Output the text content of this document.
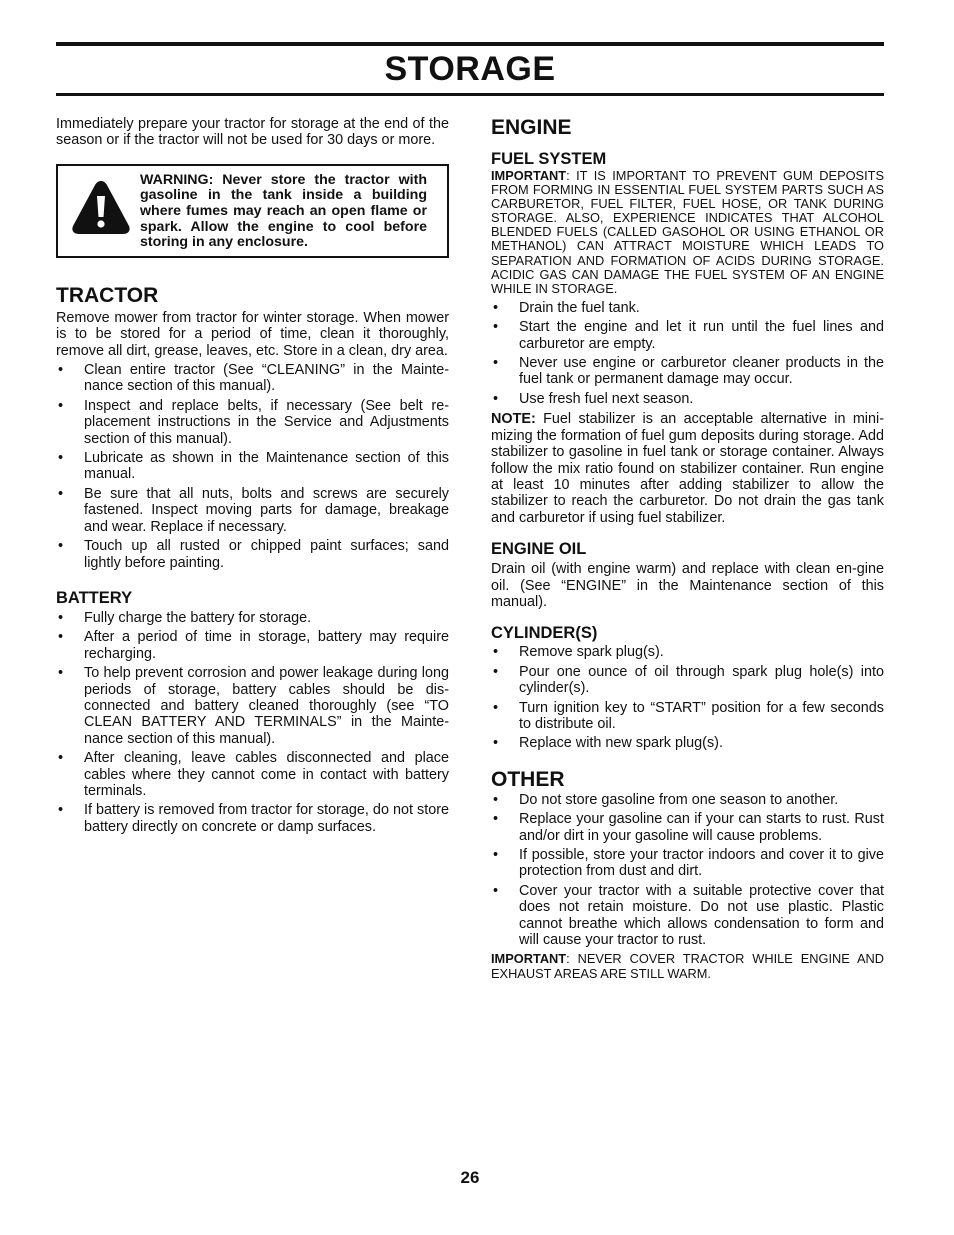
STORAGE

Immediately prepare your tractor for storage at the end of the season or if the tractor will not be used for 30 days or more.

WARNING: Never store the tractor with gasoline in the tank inside a building where fumes may reach an open flame or spark. Allow the engine to cool before storing in any enclosure.
TRACTOR

Remove mower from tractor for winter storage. When mower is to be stored for a period of time, clean it thoroughly, remove all dirt, grease, leaves, etc. Store in a clean, dry area.

• Clean entire tractor (See “CLEANING” in the Mainte-nance section of this manual).
• Inspect and replace belts, if necessary (See belt re-placement instructions in the Service and Adjustments section of this manual).
• Lubricate as shown in the Maintenance section of this manual.
• Be sure that all nuts, bolts and screws are securely fastened. Inspect moving parts for damage, breakage and wear. Replace if necessary.
• Touch up all rusted or chipped paint surfaces; sand lightly before painting.
BATTERY
• Fully charge the battery for storage.
• After a period of time in storage, battery may require recharging.
• To help prevent corrosion and power leakage during long periods of storage, battery cables should be dis-connected and battery cleaned thoroughly (see “TO CLEAN BATTERY AND TERMINALS” in the Mainte-nance section of this manual).
• After cleaning, leave cables disconnected and place cables where they cannot come in contact with battery terminals.
• If battery is removed from tractor for storage, do not store battery directly on concrete or damp surfaces.
ENGINE
FUEL SYSTEM

IMPORTANT: IT IS IMPORTANT TO PREVENT GUM DEPOSITS FROM FORMING IN ESSENTIAL FUEL SYSTEM PARTS SUCH AS CARBURETOR, FUEL FILTER, FUEL HOSE, OR TANK DURING STORAGE. ALSO, EXPERIENCE INDICATES THAT ALCOHOL BLENDED FUELS (CALLED GASOHOL OR USING ETHANOL OR METHANOL) CAN ATTRACT MOISTURE WHICH LEADS TO SEPARATION AND FORMATION OF ACIDS DURING STORAGE. ACIDIC GAS CAN DAMAGE THE FUEL SYSTEM OF AN ENGINE WHILE IN STORAGE.

• Drain the fuel tank.
• Start the engine and let it run until the fuel lines and carburetor are empty.
• Never use engine or carburetor cleaner products in the fuel tank or permanent damage may occur.
• Use fresh fuel next season.

NOTE: Fuel stabilizer is an acceptable alternative in mini-mizing the formation of fuel gum deposits during storage. Add stabilizer to gasoline in fuel tank or storage container. Always follow the mix ratio found on stabilizer container. Run engine at least 10 minutes after adding stabilizer to allow the stabilizer to reach the carburetor. Do not drain the gas tank and carburetor if using fuel stabilizer.

ENGINE OIL

Drain oil (with engine warm) and replace with clean en-gine oil. (See “ENGINE” in the Maintenance section of this manual).

CYLINDER(S)
• Remove spark plug(s).
• Pour one ounce of oil through spark plug hole(s) into cylinder(s).
• Turn ignition key to “START” position for a few seconds to distribute oil.
• Replace with new spark plug(s).
OTHER
• Do not store gasoline from one season to another.
• Replace your gasoline can if your can starts to rust. Rust and/or dirt in your gasoline will cause problems.
• If possible, store your tractor indoors and cover it to give protection from dust and dirt.
• Cover your tractor with a suitable protective cover that does not retain moisture. Do not use plastic. Plastic cannot breathe which allows condensation to form and will cause your tractor to rust.

IMPORTANT: NEVER COVER TRACTOR WHILE ENGINE AND EXHAUST AREAS ARE STILL WARM.

26
